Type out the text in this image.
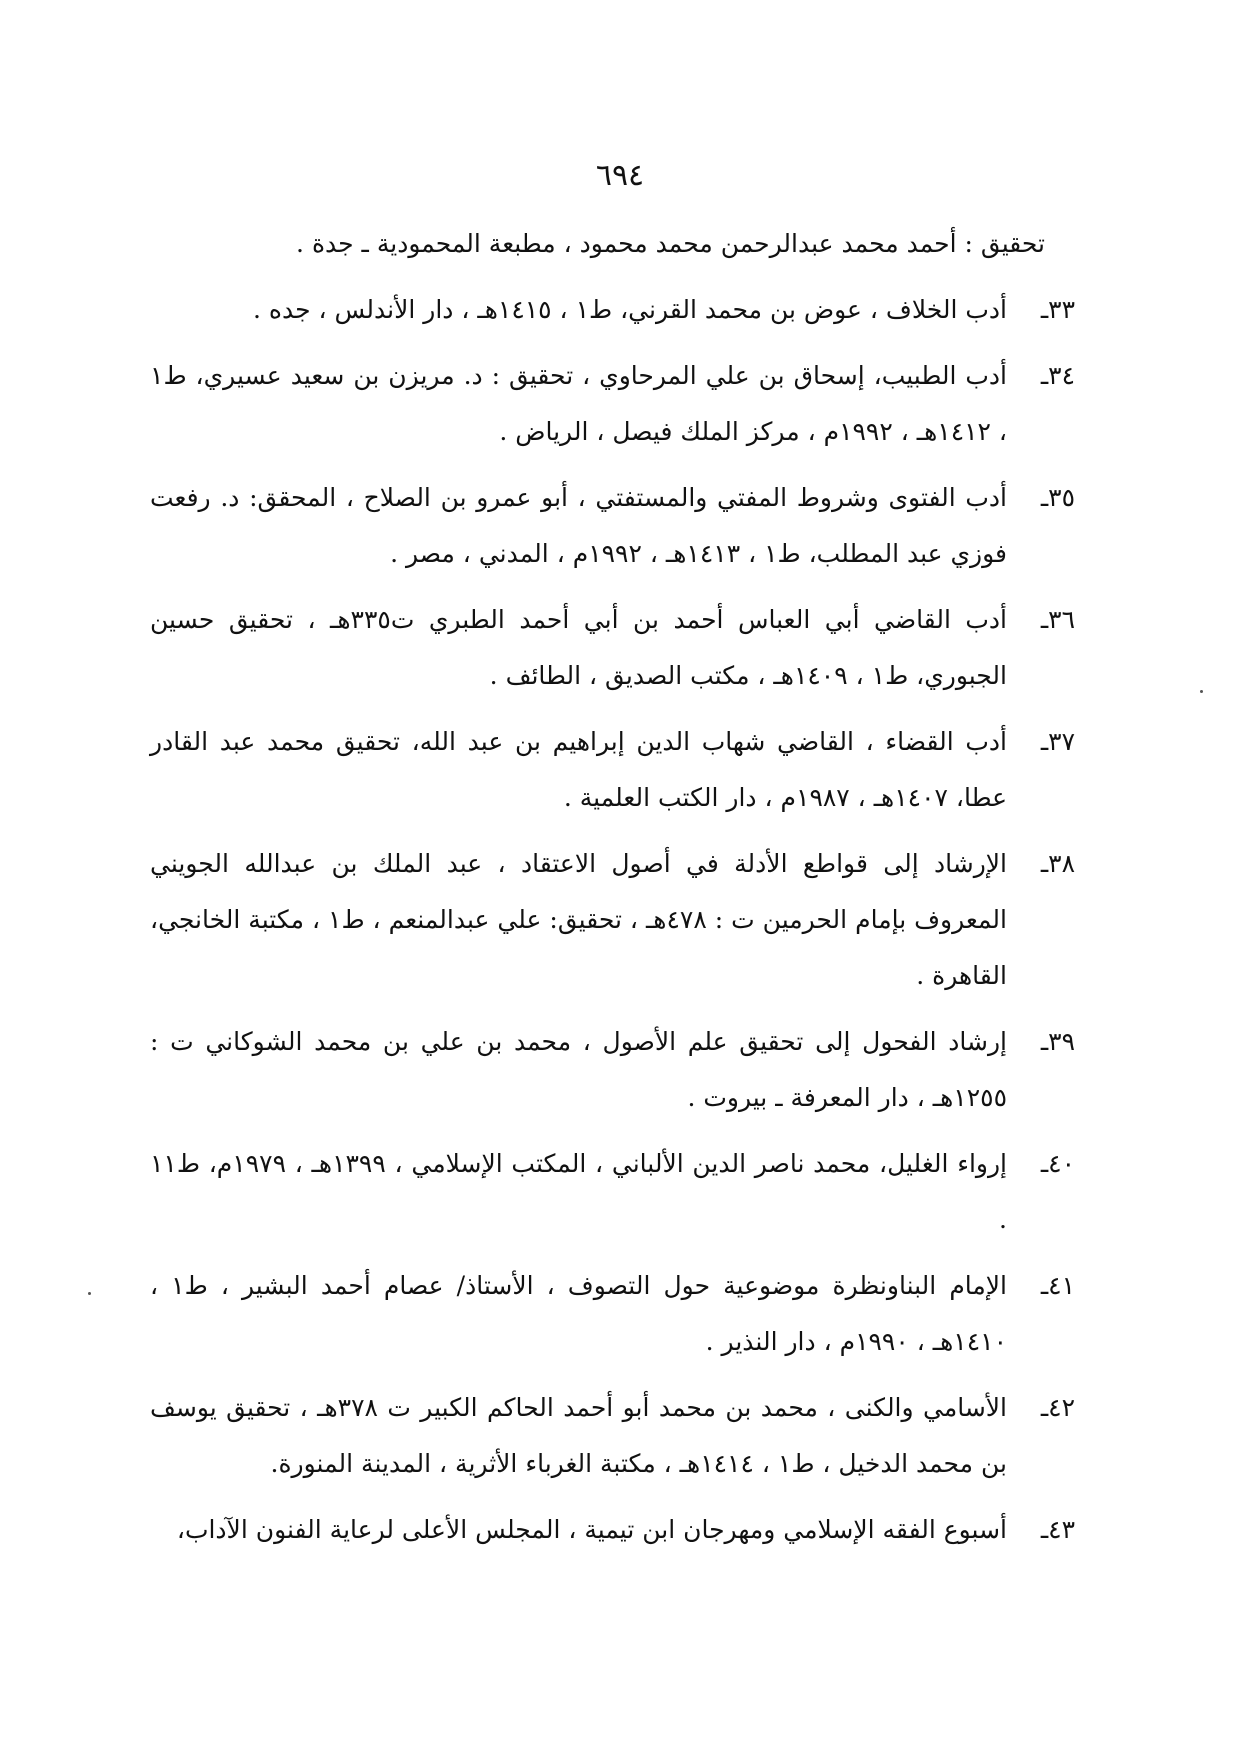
٦٩٤

تحقيق : أحمد محمد عبدالرحمن محمد محمود ، مطبعة المحمودية ـ جدة .

٣٣ـ
أدب الخلاف ، عوض بن محمد القرني، ط١ ، ١٤١٥هـ ، دار الأندلس ، جده .
٣٤ـ
أدب الطبيب، إسحاق بن علي المرحاوي ، تحقيق : د. مريزن بن سعيد عسيري، ط١ ، ١٤١٢هـ ، ١٩٩٢م ، مركز الملك فيصل ، الرياض .
٣٥ـ
أدب الفتوى وشروط المفتي والمستفتي ، أبو عمرو بن الصلاح ، المحقق: د. رفعت فوزي عبد المطلب، ط١ ، ١٤١٣هـ ، ١٩٩٢م ، المدني ، مصر .
٣٦ـ
أدب القاضي أبي العباس أحمد بن أبي أحمد الطبري ت٣٣٥هـ ، تحقيق حسين الجبوري، ط١ ، ١٤٠٩هـ ، مكتب الصديق ، الطائف .
٣٧ـ
أدب القضاء ، القاضي شهاب الدين إبراهيم بن عبد الله، تحقيق محمد عبد القادر عطا، ١٤٠٧هـ ، ١٩٨٧م ، دار الكتب العلمية .
٣٨ـ
الإرشاد إلى قواطع الأدلة في أصول الاعتقاد ، عبد الملك بن عبدالله الجويني المعروف بإمام الحرمين ت : ٤٧٨هـ ، تحقيق: علي عبدالمنعم ، ط١ ، مكتبة الخانجي، القاهرة .
٣٩ـ
إرشاد الفحول إلى تحقيق علم الأصول ، محمد بن علي بن محمد الشوكاني ت : ١٢٥٥هـ ، دار المعرفة ـ بيروت .
٤٠ـ
إرواء الغليل، محمد ناصر الدين الألباني ، المكتب الإسلامي ، ١٣٩٩هـ ، ١٩٧٩م، ط١١ .
٤١ـ
الإمام البناونظرة موضوعية حول التصوف ، الأستاذ/ عصام أحمد البشير ، ط١ ، ١٤١٠هـ ، ١٩٩٠م ، دار النذير .
٤٢ـ
الأسامي والكنى ، محمد بن محمد أبو أحمد الحاكم الكبير ت ٣٧٨هـ ، تحقيق يوسف بن محمد الدخيل ، ط١ ، ١٤١٤هـ ، مكتبة الغرباء الأثرية ، المدينة المنورة.
٤٣ـ
أسبوع الفقه الإسلامي ومهرجان ابن تيمية ، المجلس الأعلى لرعاية الفنون الآداب،
